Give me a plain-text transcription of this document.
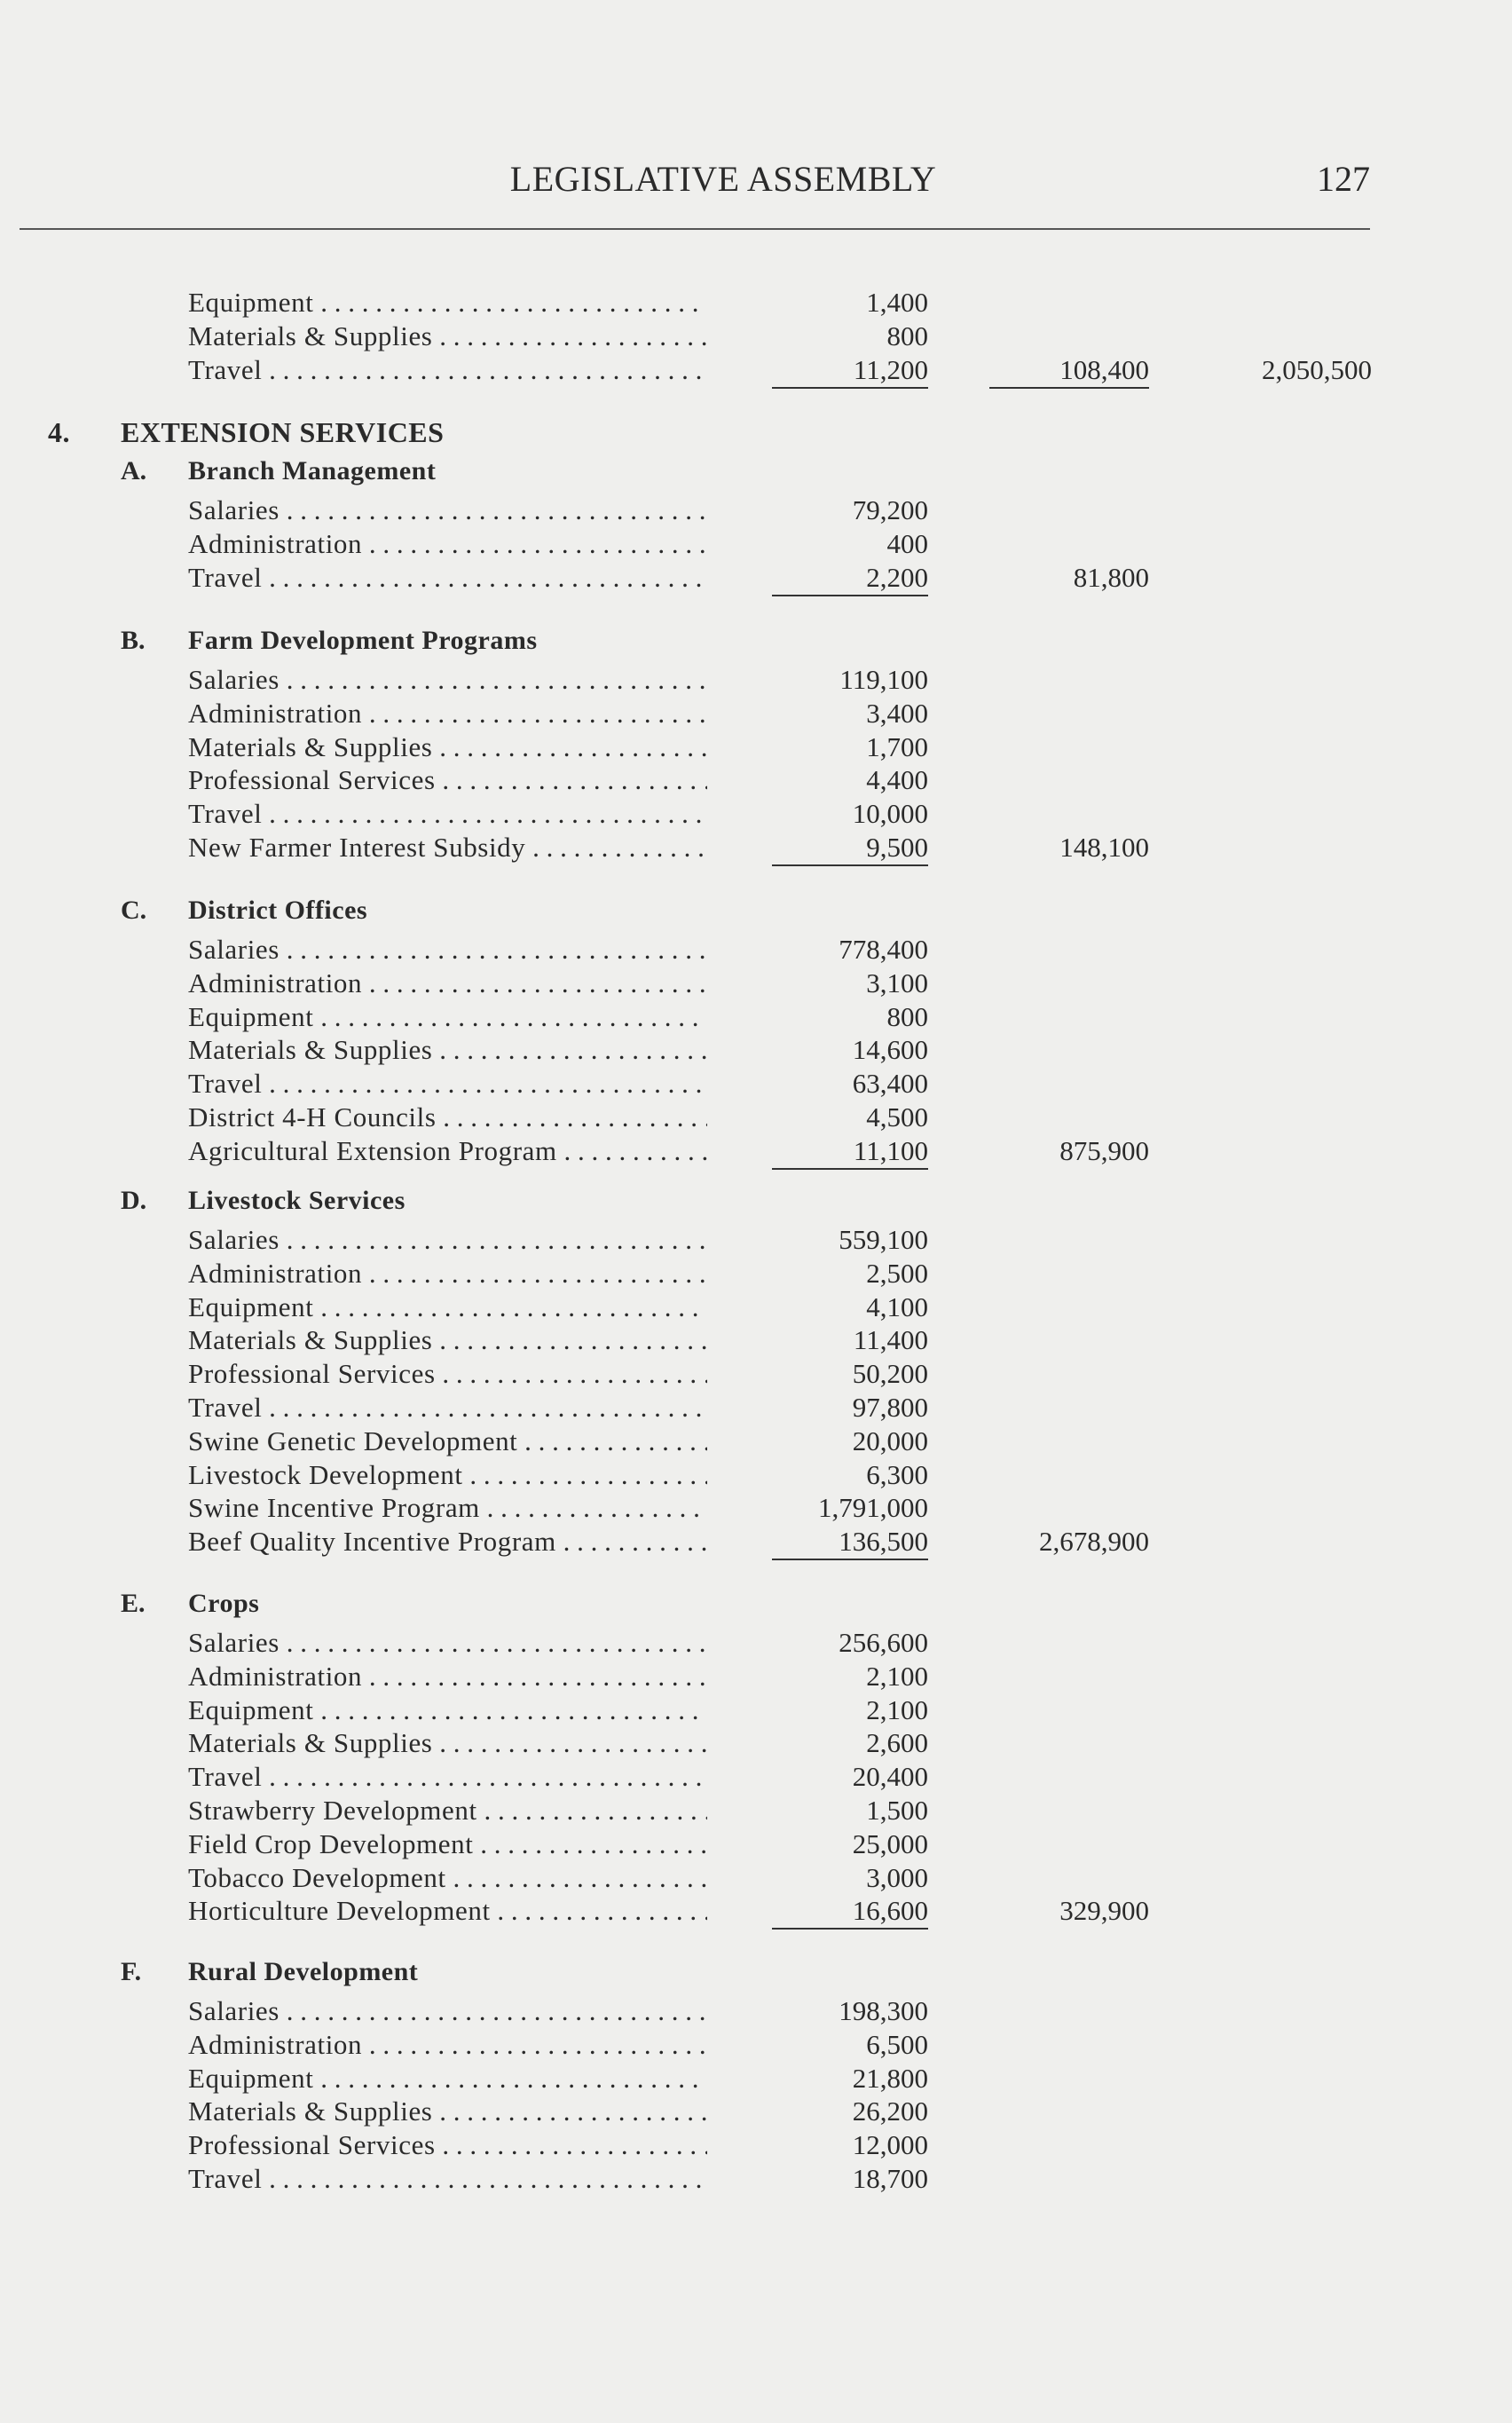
LEGISLATIVE ASSEMBLY	127
Equipment . . .	1,400
Materials & Supplies . . .	800
Travel . . .	11,200	108,400	2,050,500
4. EXTENSION SERVICES
A. Branch Management
Salaries . . .	79,200
Administration . . .	400
Travel . . .	2,200	81,800
B. Farm Development Programs
Salaries . . .	119,100
Administration . . .	3,400
Materials & Supplies . . .	1,700
Professional Services . . .	4,400
Travel . . .	10,000
New Farmer Interest Subsidy . . .	9,500	148,100
C. District Offices
Salaries . . .	778,400
Administration . . .	3,100
Equipment . . .	800
Materials & Supplies . . .	14,600
Travel . . .	63,400
District 4-H Councils . . .	4,500
Agricultural Extension Program . . .	11,100	875,900
D. Livestock Services
Salaries . . .	559,100
Administration . . .	2,500
Equipment . . .	4,100
Materials & Supplies . . .	11,400
Professional Services . . .	50,200
Travel . . .	97,800
Swine Genetic Development . . .	20,000
Livestock Development . . .	6,300
Swine Incentive Program . . .	1,791,000
Beef Quality Incentive Program . . .	136,500	2,678,900
E. Crops
Salaries . . .	256,600
Administration . . .	2,100
Equipment . . .	2,100
Materials & Supplies . . .	2,600
Travel . . .	20,400
Strawberry Development . . .	1,500
Field Crop Development . . .	25,000
Tobacco Development . . .	3,000
Horticulture Development . . .	16,600	329,900
F. Rural Development
Salaries . . .	198,300
Administration . . .	6,500
Equipment . . .	21,800
Materials & Supplies . . .	26,200
Professional Services . . .	12,000
Travel . . .	18,700
